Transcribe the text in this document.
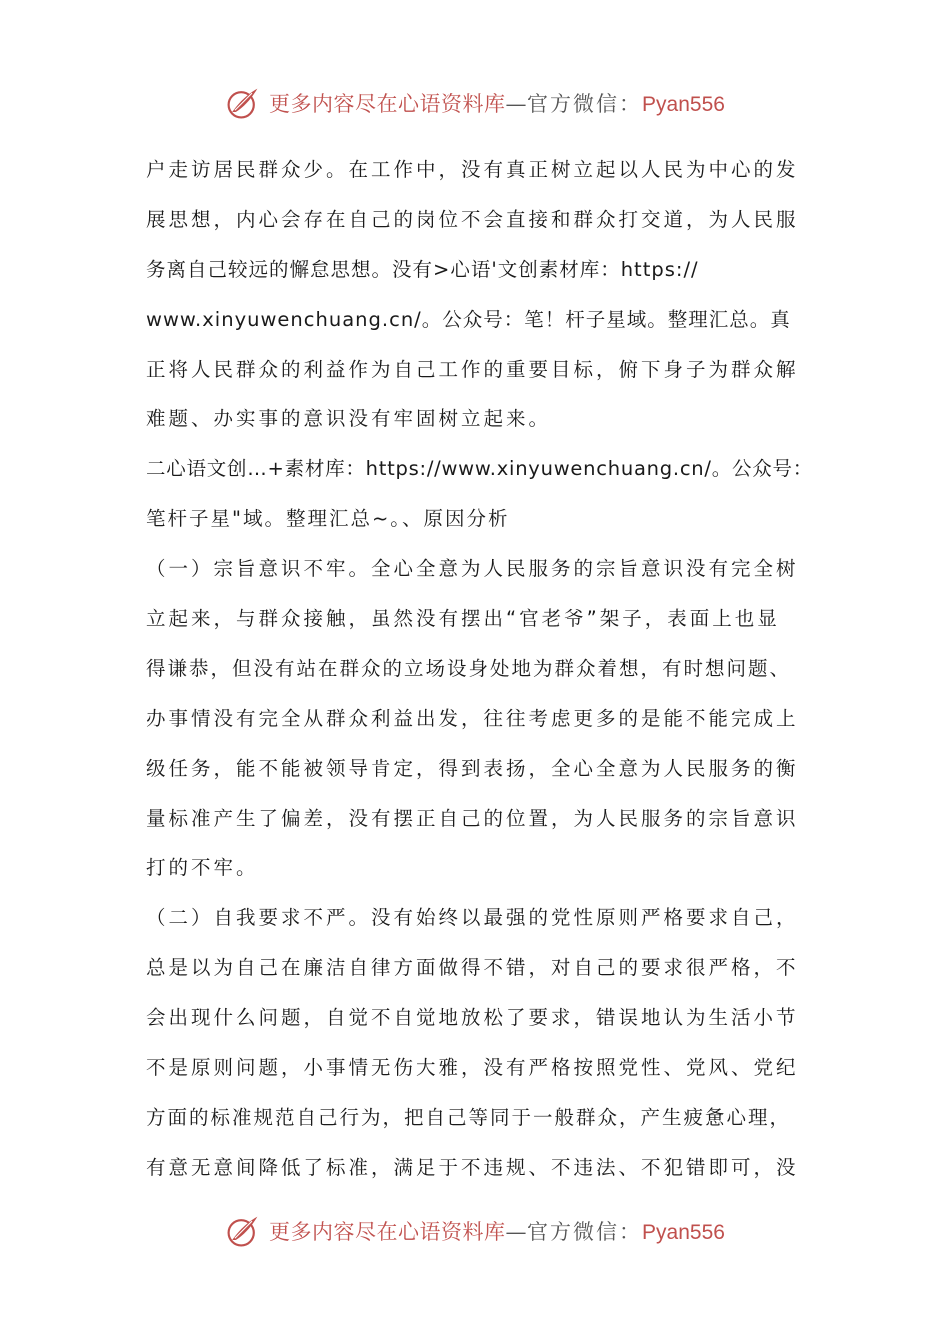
更多内容尽在心语资料库—官方微信：Pyan556
户走访居民群众少。在工作中，没有真正树立起以人民为中心的发
展思想，内心会存在自己的岗位不会直接和群众打交道，为人民服
务离自己较远的懈怠思想。没有>心语'文创素材库：https://
www.xinyuwenchuang.cn/。公众号：笔！杆子星域。整理汇总。真
正将人民群众的利益作为自己工作的重要目标，俯下身子为群众解
难题、办实事的意识没有牢固树立起来。
二心语文创…+素材库：https://www.xinyuwenchuang.cn/。公众号：
笔杆子星"域。整理汇总~。、原因分析
（一）宗旨意识不牢。全心全意为人民服务的宗旨意识没有完全树
立起来，与群众接触，虽然没有摆出“官老爷”架子，表面上也显
得谦恭，但没有站在群众的立场设身处地为群众着想，有时想问题、
办事情没有完全从群众利益出发，往往考虑更多的是能不能完成上
级任务，能不能被领导肯定，得到表扬，全心全意为人民服务的衡
量标准产生了偏差，没有摆正自己的位置，为人民服务的宗旨意识
打的不牢。
（二）自我要求不严。没有始终以最强的党性原则严格要求自己，
总是以为自己在廉洁自律方面做得不错，对自己的要求很严格，不
会出现什么问题，自觉不自觉地放松了要求，错误地认为生活小节
不是原则问题，小事情无伤大雅，没有严格按照党性、党风、党纪
方面的标准规范自己行为，把自己等同于一般群众，产生疲惫心理，
有意无意间降低了标准，满足于不违规、不违法、不犯错即可，没
更多内容尽在心语资料库—官方微信：Pyan556
